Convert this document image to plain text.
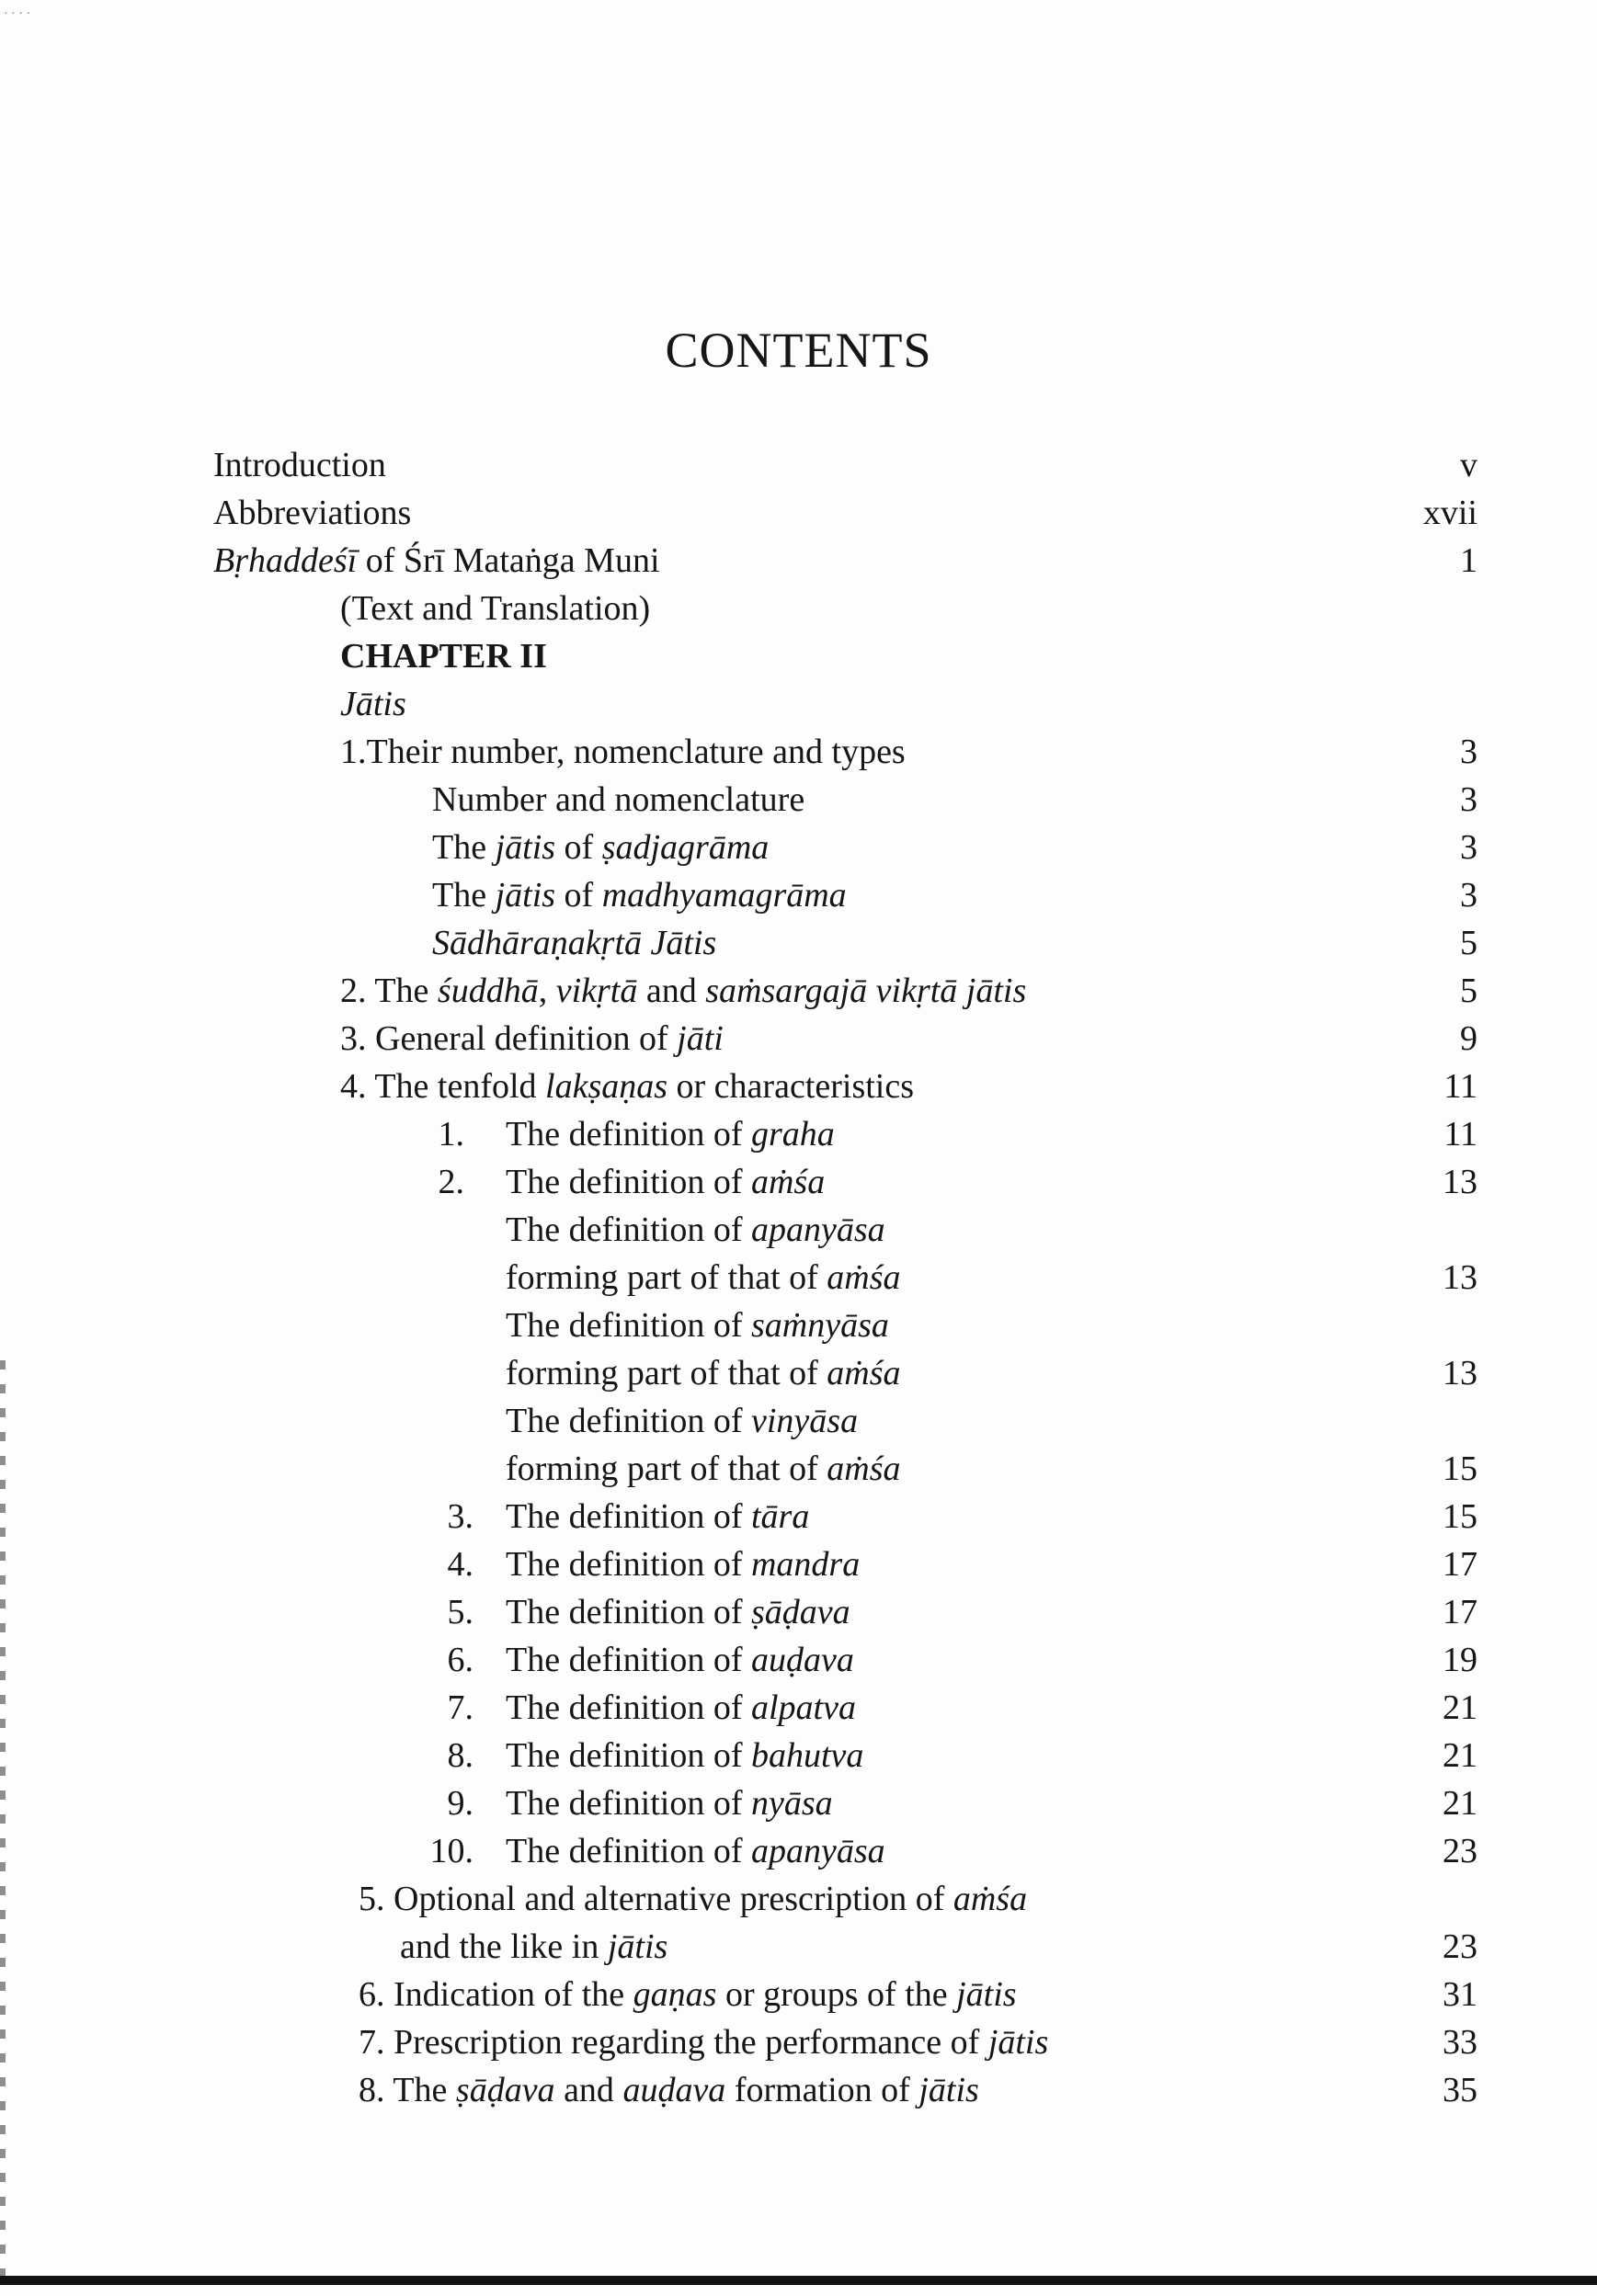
· · · ·
CONTENTS
Introduction	v
Abbreviations	xvii
Bṛhaddeśī of Śrī Mataṅga Muni	1
(Text and Translation)
CHAPTER II
Jātis
1.Their number, nomenclature and types	3
Number and nomenclature	3
The jātis of ṣadjagrāma	3
The jātis of madhyamagrāma	3
Sādhāraṇakṛtā Jātis	5
2. The śuddhā, vikṛtā and saṁsargajā vikṛtā jātis	5
3. General definition of jāti	9
4. The tenfold lakṣaṇas or characteristics	11
1. The definition of graha	11
2. The definition of aṁśa	13
The definition of apanyāsa
forming part of that of aṁśa	13
The definition of saṁnyāsa
forming part of that of aṁśa	13
The definition of vinyāsa
forming part of that of aṁśa	15
3. The definition of tāra	15
4. The definition of mandra	17
5. The definition of ṣāḍava	17
6. The definition of auḍava	19
7. The definition of alpatva	21
8. The definition of bahutva	21
9. The definition of nyāsa	21
10. The definition of apanyāsa	23
5. Optional and alternative prescription of aṁśa
and the like in jātis	23
6. Indication of the gaṇas or groups of the jātis	31
7. Prescription regarding the performance of jātis	33
8. The ṣāḍava and auḍava formation of jātis	35
